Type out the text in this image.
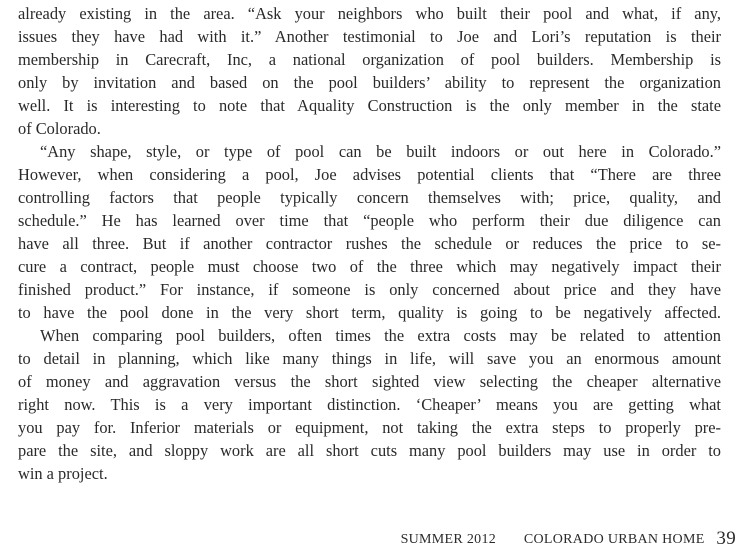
already existing in the area. “Ask your neighbors who built their pool and what, if any,
issues they have had with it.” Another testimonial to Joe and Lori’s reputation is their
membership in Carecraft, Inc, a national organization of pool builders. Membership is
only by invitation and based on the pool builders’ ability to represent the organization
well. It is interesting to note that Aquality Construction is the only member in the state
of Colorado.
“Any shape, style, or type of pool can be built indoors or out here in Colorado.”
However, when considering a pool, Joe advises potential clients that “There are three
controlling factors that people typically concern themselves with; price, quality, and
schedule.” He has learned over time that “people who perform their due diligence can
have all three. But if another contractor rushes the schedule or reduces the price to se-
cure a contract, people must choose two of the three which may negatively impact their
finished product.” For instance, if someone is only concerned about price and they have
to have the pool done in the very short term, quality is going to be negatively affected.
When comparing pool builders, often times the extra costs may be related to attention
to detail in planning, which like many things in life, will save you an enormous amount
of money and aggravation versus the short sighted view selecting the cheaper alternative
right now. This is a very important distinction. ‘Cheaper’ means you are getting what
you pay for. Inferior materials or equipment, not taking the extra steps to properly pre-
pare the site, and sloppy work are all short cuts many pool builders may use in order to
win a project.
SUMMER 2012 COLORADO URBAN HOME 39
